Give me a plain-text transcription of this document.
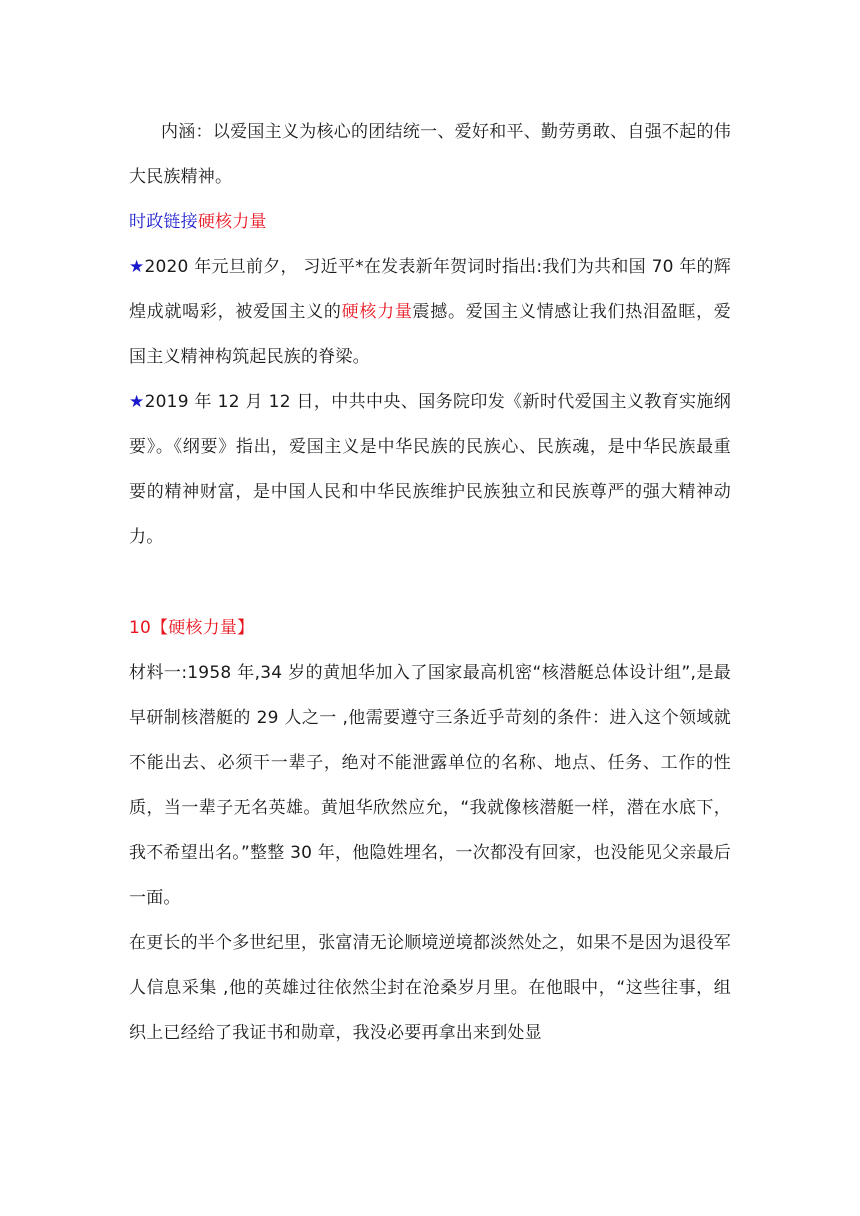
内涵：以爱国主义为核心的团结统一、爱好和平、勤劳勇敢、自强不起的伟大民族精神。

时政链接硬核力量

★2020 年元旦前夕， 习近平*在发表新年贺词时指出:我们为共和国 70 年的辉煌成就喝彩，被爱国主义的硬核力量震撼。爱国主义情感让我们热泪盈眶，爱国主义精神构筑起民族的脊梁。

★2019 年 12 月 12 日，中共中央、国务院印发《新时代爱国主义教育实施纲要》。《纲要》指出，爱国主义是中华民族的民族心、民族魂，是中华民族最重要的精神财富，是中国人民和中华民族维护民族独立和民族尊严的强大精神动力。

10【硬核力量】

材料一:1958 年,34 岁的黄旭华加入了国家最高机密“核潜艇总体设计组”,是最早研制核潜艇的 29 人之一 ,他需要遵守三条近乎苛刻的条件：进入这个领域就不能出去、必须干一辈子，绝对不能泄露单位的名称、地点、任务、工作的性质，当一辈子无名英雄。黄旭华欣然应允，“我就像核潜艇一样，潜在水底下，我不希望出名。”整整 30 年，他隐姓埋名，一次都没有回家，也没能见父亲最后一面。

在更长的半个多世纪里，张富清无论顺境逆境都淡然处之，如果不是因为退役军人信息采集 ,他的英雄过往依然尘封在沧桑岁月里。在他眼中，“这些往事，组织上已经给了我证书和勋章，我没必要再拿出来到处显
